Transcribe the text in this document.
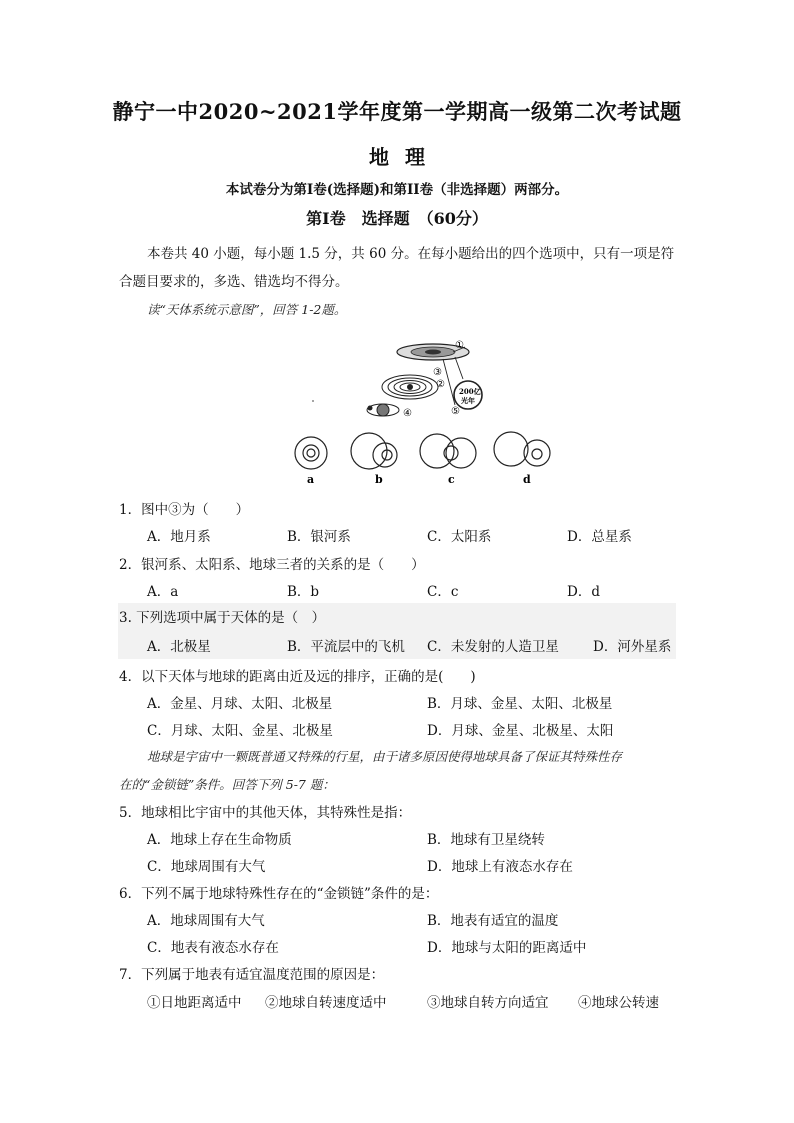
静宁一中2020~2021学年度第一学期高一级第二次考试题
地理
本试卷分为第I卷(选择题)和第II卷（非选择题）两部分。
第I卷　选择题　（60分）
本卷共 40 小题，每小题 1.5 分，共 60 分。在每小题给出的四个选项中，只有一项是符
合题目要求的，多选、错选均不得分。
读“天体系统示意图”，回答 1-2题。
①
②
④
200亿
光年
⑤
③
a	b	c	d
1．图中③为（　　）
A．地月系	B．银河系	C．太阳系	D．总星系
2．银河系、太阳系、地球三者的关系的是（　　）
A．a	B．b	C．c	D．d
3. 下列选项中属于天体的是（　）
A．北极星	B．平流层中的飞机 C．未发射的人造卫星	D．河外星系
4．以下天体与地球的距离由近及远的排序，正确的是(　　)
A．金星、月球、太阳、北极星	B．月球、金星、太阳、北极星
C．月球、太阳、金星、北极星	D．月球、金星、北极星、太阳
地球是宇宙中一颗既普通又特殊的行星，由于诸多原因使得地球具备了保证其特殊性存
在的“金锁链”条件。回答下列 5-7 题：
5．地球相比宇宙中的其他天体，其特殊性是指：
A．地球上存在生命物质	B．地球有卫星绕转
C．地球周围有大气	D．地球上有液态水存在
6．下列不属于地球特殊性存在的“金锁链”条件的是：
A．地球周围有大气	B．地表有适宜的温度
C．地表有液态水存在	D．地球与太阳的距离适中
7．下列属于地表有适宜温度范围的原因是：
①日地距离适中 ②地球自转速度适中	③地球自转方向适宜 ④地球公转速
